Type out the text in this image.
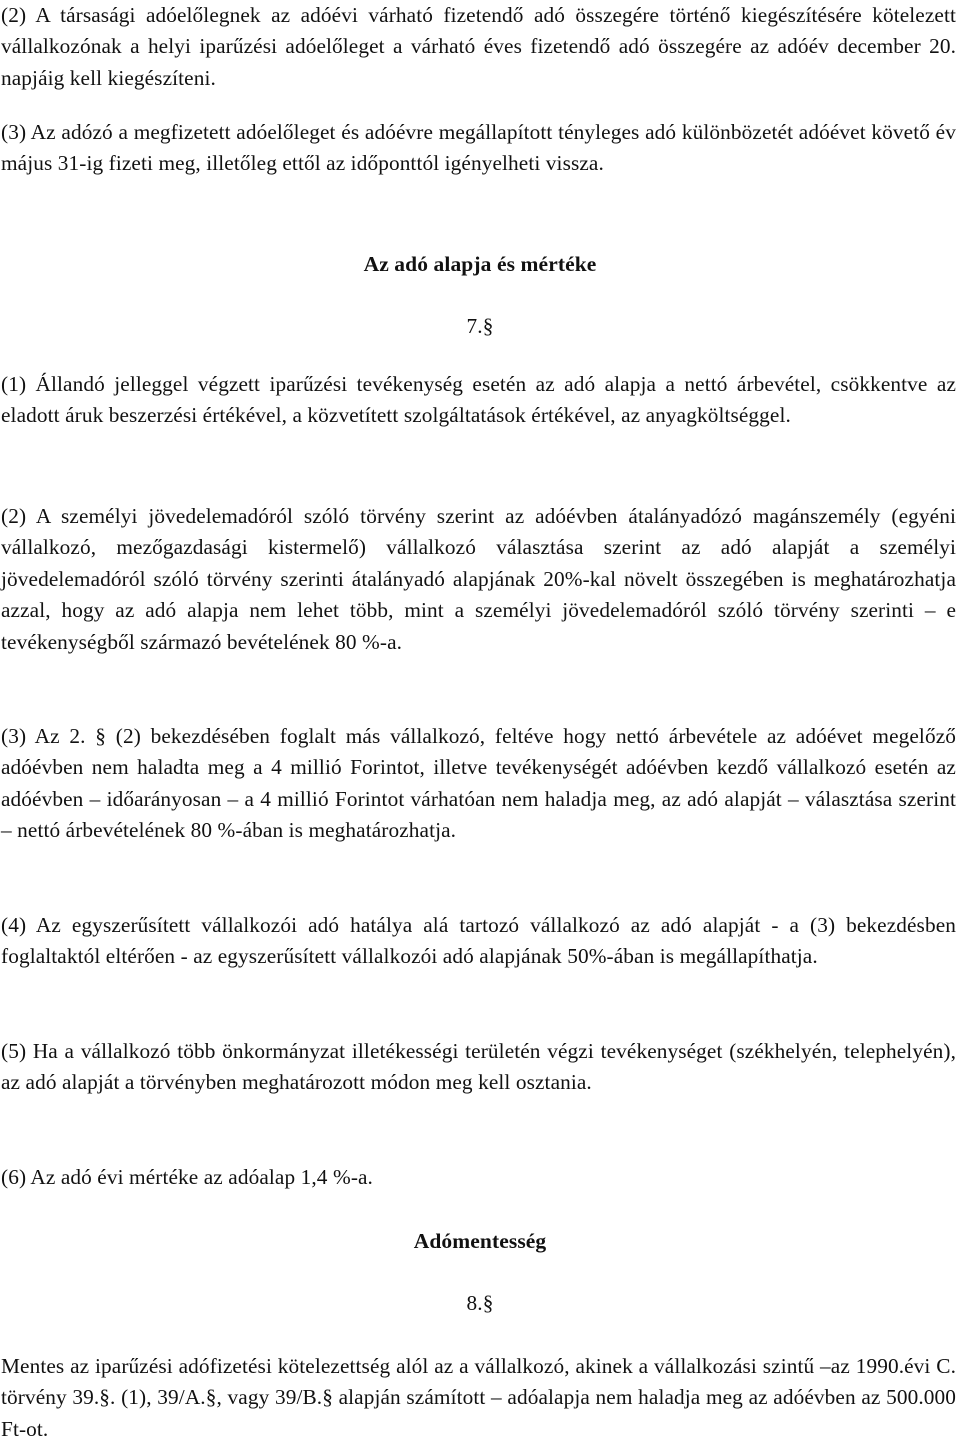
(2) A társasági adóelőlegnek az adóévi várható fizetendő adó összegére történő kiegészítésére kötelezett vállalkozónak a helyi iparűzési adóelőleget a várható éves fizetendő adó összegére az adóév december 20. napjáig kell kiegészíteni.

(3) Az adózó a megfizetett adóelőleget és adóévre megállapított tényleges adó különbözetét adóévet követő év május 31-ig fizeti meg, illetőleg ettől az időponttól igényelheti vissza.

Az adó alapja és mértéke
7.§

(1) Állandó jelleggel végzett iparűzési tevékenység esetén az adó alapja a nettó árbevétel, csökkentve az eladott áruk beszerzési értékével, a közvetített szolgáltatások értékével, az anyagköltséggel.

(2) A személyi jövedelemadóról szóló törvény szerint az adóévben átalányadózó magánszemély (egyéni vállalkozó, mezőgazdasági kistermelő) vállalkozó választása szerint az adó alapját a személyi jövedelemadóról szóló törvény szerinti átalányadó alapjának 20%-kal növelt összegében is meghatározhatja azzal, hogy az adó alapja nem lehet több, mint a személyi jövedelemadóról szóló törvény szerinti – e tevékenységből származó bevételének 80 %-a.

(3) Az 2. § (2) bekezdésében foglalt más vállalkozó, feltéve hogy nettó árbevétele az adóévet megelőző adóévben nem haladta meg a 4 millió Forintot, illetve tevékenységét adóévben kezdő vállalkozó esetén az adóévben – időarányosan – a 4 millió Forintot várhatóan nem haladja meg, az adó alapját – választása szerint – nettó árbevételének 80 %-ában is meghatározhatja.

(4) Az egyszerűsített vállalkozói adó hatálya alá tartozó vállalkozó az adó alapját - a (3) bekezdésben foglaltaktól eltérően - az egyszerűsített vállalkozói adó alapjának 50%-ában is megállapíthatja.

(5) Ha a vállalkozó több önkormányzat illetékességi területén végzi tevékenységet (székhelyén, telephelyén), az adó alapját a törvényben meghatározott módon meg kell osztania.

(6) Az adó évi mértéke az adóalap 1,4 %-a.

Adómentesség
8.§

Mentes az iparűzési adófizetési kötelezettség alól az a vállalkozó, akinek a vállalkozási szintű –az 1990.évi C. törvény 39.§. (1), 39/A.§, vagy 39/B.§ alapján számított – adóalapja nem haladja meg az adóévben az 500.000 Ft-ot.
